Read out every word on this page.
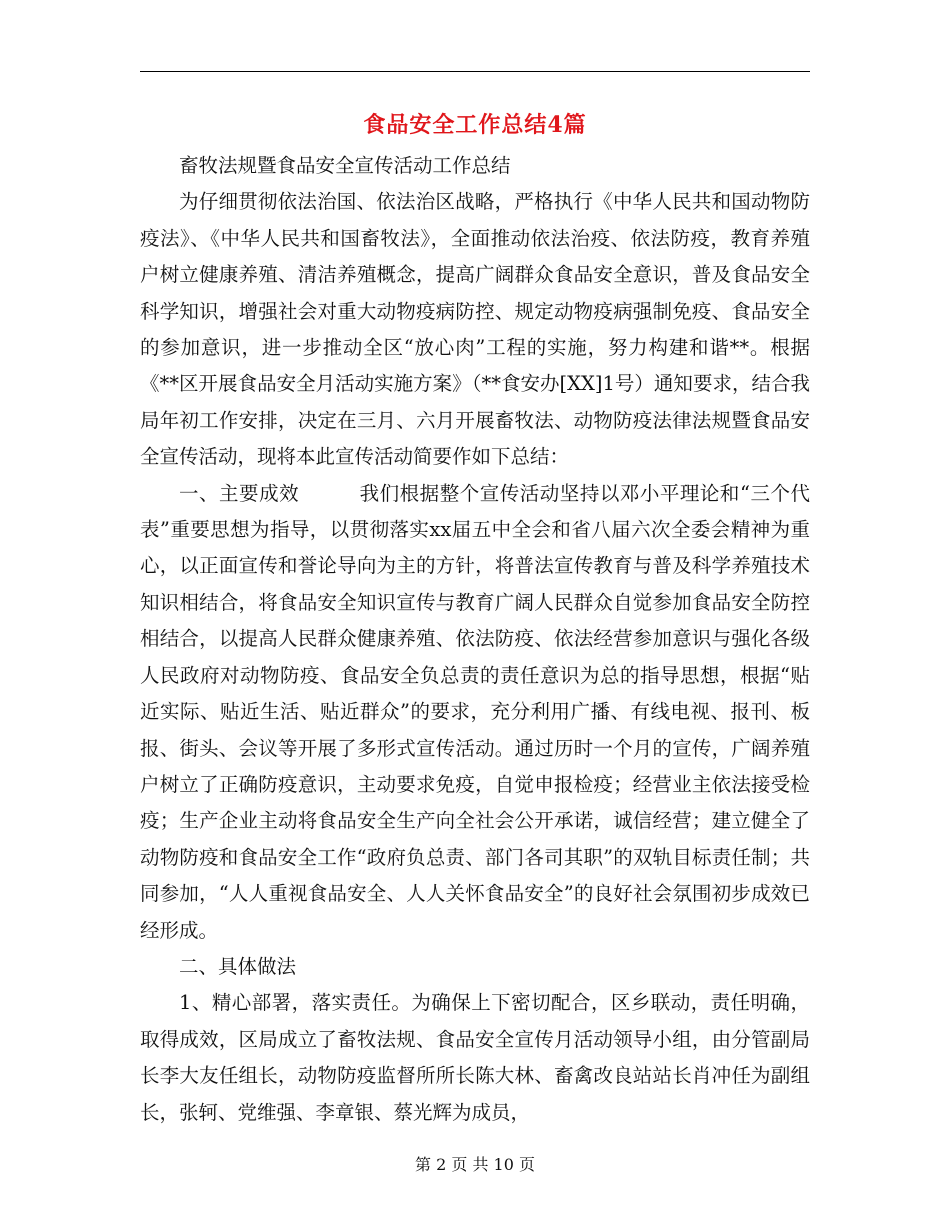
食品安全工作总结4篇

畜牧法规暨食品安全宣传活动工作总结

为仔细贯彻依法治国、依法治区战略，严格执行《中华人民共和国动物防疫法》、《中华人民共和国畜牧法》，全面推动依法治疫、依法防疫，教育养殖户树立健康养殖、清洁养殖概念，提高广阔群众食品安全意识，普及食品安全科学知识，增强社会对重大动物疫病防控、规定动物疫病强制免疫、食品安全的参加意识，进一步推动全区“放心肉”工程的实施，努力构建和谐**。根据《**区开展食品安全月活动实施方案》（**食安办[XX]1号）通知要求，结合我局年初工作安排，决定在三月、六月开展畜牧法、动物防疫法律法规暨食品安全宣传活动，现将本此宣传活动简要作如下总结：

一、主要成效	我们根据整个宣传活动坚持以邓小平理论和“三个代表”重要思想为指导，以贯彻落实xx届五中全会和省八届六次全委会精神为重心，以正面宣传和誉论导向为主的方针，将普法宣传教育与普及科学养殖技术知识相结合，将食品安全知识宣传与教育广阔人民群众自觉参加食品安全防控相结合，以提高人民群众健康养殖、依法防疫、依法经营参加意识与强化各级人民政府对动物防疫、食品安全负总责的责任意识为总的指导思想，根据“贴近实际、贴近生活、贴近群众”的要求，充分利用广播、有线电视、报刊、板报、街头、会议等开展了多形式宣传活动。通过历时一个月的宣传，广阔养殖户树立了正确防疫意识，主动要求免疫，自觉申报检疫；经营业主依法接受检疫；生产企业主动将食品安全生产向全社会公开承诺，诚信经营；建立健全了动物防疫和食品安全工作“政府负总责、部门各司其职”的双轨目标责任制；共同参加，“人人重视食品安全、人人关怀食品安全”的良好社会氛围初步成效已经形成。

二、具体做法

1、精心部署，落实责任。为确保上下密切配合，区乡联动，责任明确，取得成效，区局成立了畜牧法规、食品安全宣传月活动领导小组，由分管副局长李大友任组长，动物防疫监督所所长陈大林、畜禽改良站站长肖冲任为副组长，张轲、党维强、李章银、蔡光辉为成员，

第 2 页 共 10 页
